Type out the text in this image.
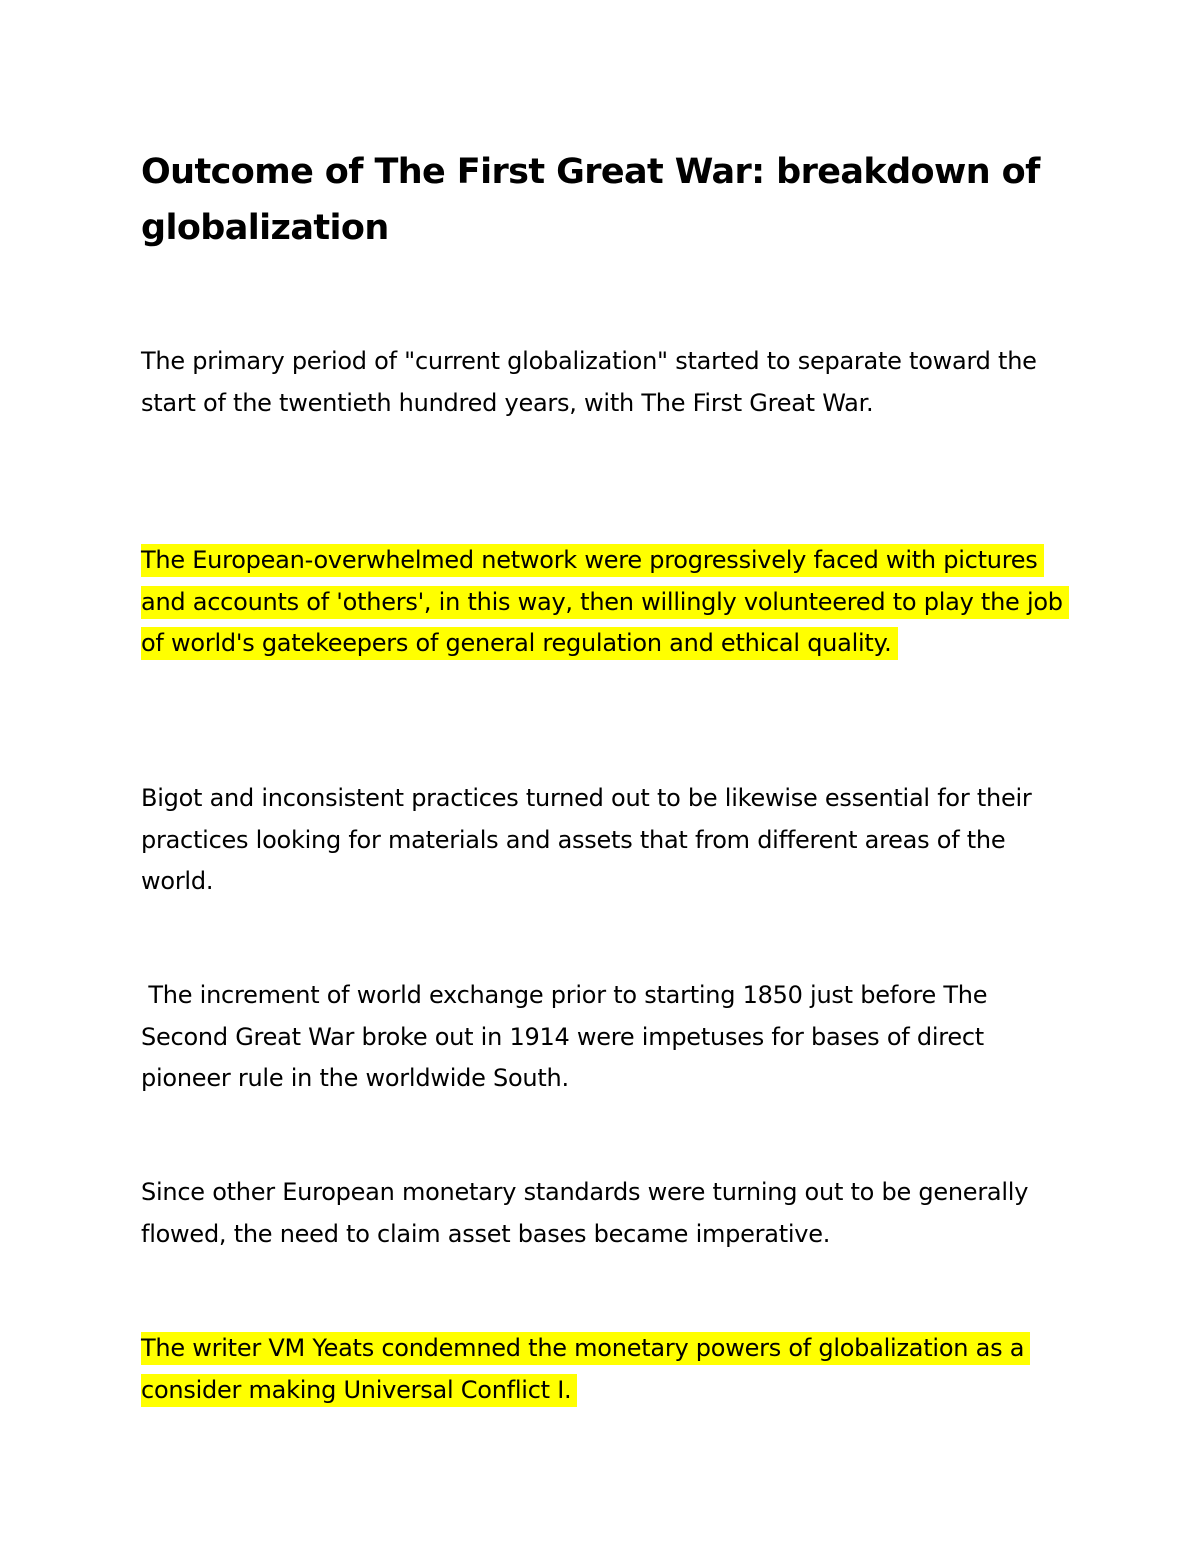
Outcome of The First Great War: breakdown of globalization

The primary period of "current globalization" started to separate toward the start of the twentieth hundred years, with The First Great War.

The European-overwhelmed network were progressively faced with pictures and accounts of 'others', in this way, then willingly volunteered to play the job of world's gatekeepers of general regulation and ethical quality.

Bigot and inconsistent practices turned out to be likewise essential for their practices looking for materials and assets that from different areas of the world.

The increment of world exchange prior to starting 1850 just before The Second Great War broke out in 1914 were impetuses for bases of direct pioneer rule in the worldwide South.

Since other European monetary standards were turning out to be generally flowed, the need to claim asset bases became imperative.

The writer VM Yeats condemned the monetary powers of globalization as a consider making Universal Conflict I.
